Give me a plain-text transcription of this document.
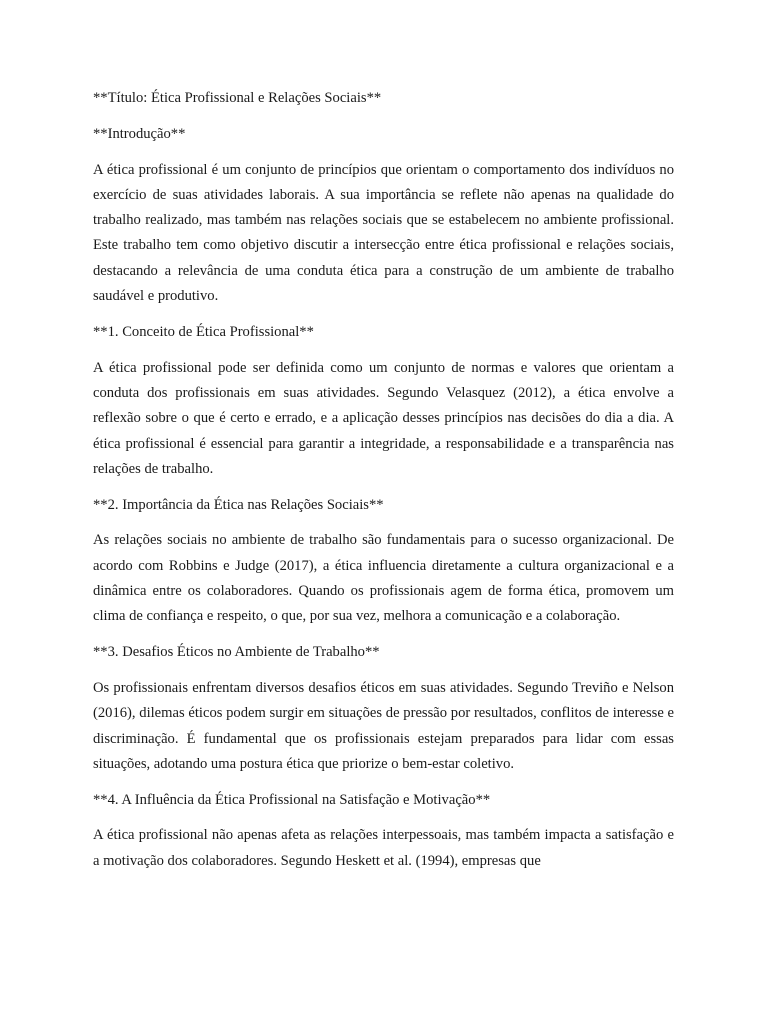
**Título: Ética Profissional e Relações Sociais**

**Introdução**

A ética profissional é um conjunto de princípios que orientam o comportamento dos indivíduos no exercício de suas atividades laborais. A sua importância se reflete não apenas na qualidade do trabalho realizado, mas também nas relações sociais que se estabelecem no ambiente profissional. Este trabalho tem como objetivo discutir a intersecção entre ética profissional e relações sociais, destacando a relevância de uma conduta ética para a construção de um ambiente de trabalho saudável e produtivo.

**1. Conceito de Ética Profissional**

A ética profissional pode ser definida como um conjunto de normas e valores que orientam a conduta dos profissionais em suas atividades. Segundo Velasquez (2012), a ética envolve a reflexão sobre o que é certo e errado, e a aplicação desses princípios nas decisões do dia a dia. A ética profissional é essencial para garantir a integridade, a responsabilidade e a transparência nas relações de trabalho.

**2. Importância da Ética nas Relações Sociais**

As relações sociais no ambiente de trabalho são fundamentais para o sucesso organizacional. De acordo com Robbins e Judge (2017), a ética influencia diretamente a cultura organizacional e a dinâmica entre os colaboradores. Quando os profissionais agem de forma ética, promovem um clima de confiança e respeito, o que, por sua vez, melhora a comunicação e a colaboração.

**3. Desafios Éticos no Ambiente de Trabalho**

Os profissionais enfrentam diversos desafios éticos em suas atividades. Segundo Treviño e Nelson (2016), dilemas éticos podem surgir em situações de pressão por resultados, conflitos de interesse e discriminação. É fundamental que os profissionais estejam preparados para lidar com essas situações, adotando uma postura ética que priorize o bem-estar coletivo.

**4. A Influência da Ética Profissional na Satisfação e Motivação**

A ética profissional não apenas afeta as relações interpessoais, mas também impacta a satisfação e a motivação dos colaboradores. Segundo Heskett et al. (1994), empresas que
